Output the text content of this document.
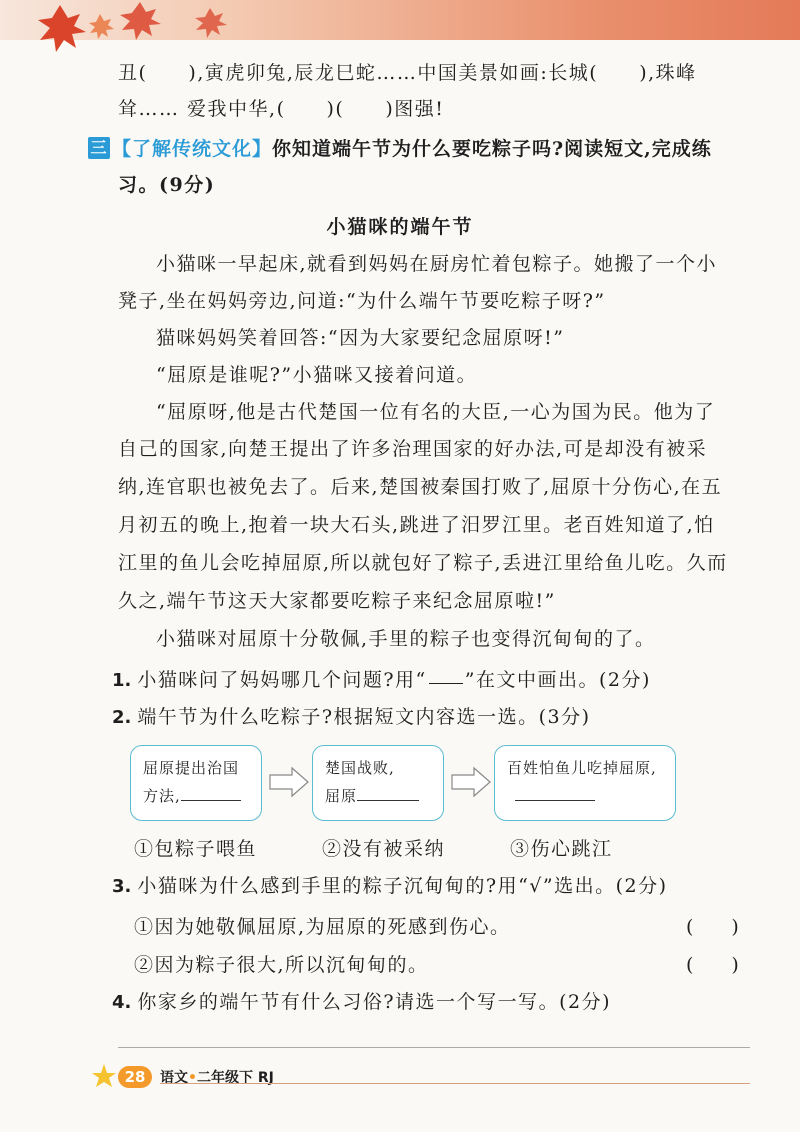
丑(　　),寅虎卯兔,辰龙巳蛇……中国美景如画:长城(　　),珠峰
耸…… 爱我中华,(　　)(　　)图强!
三 【了解传统文化】你知道端午节为什么要吃粽子吗?阅读短文,完成练
习。(9分)
小猫咪的端午节
小猫咪一早起床,就看到妈妈在厨房忙着包粽子。她搬了一个小
凳子,坐在妈妈旁边,问道:“为什么端午节要吃粽子呀?”
猫咪妈妈笑着回答:“因为大家要纪念屈原呀!”
“屈原是谁呢?”小猫咪又接着问道。
“屈原呀,他是古代楚国一位有名的大臣,一心为国为民。他为了
自己的国家,向楚王提出了许多治理国家的好办法,可是却没有被采
纳,连官职也被免去了。后来,楚国被秦国打败了,屈原十分伤心,在五
月初五的晚上,抱着一块大石头,跳进了汨罗江里。老百姓知道了,怕
江里的鱼儿会吃掉屈原,所以就包好了粽子,丢进江里给鱼儿吃。久而
久之,端午节这天大家都要吃粽子来纪念屈原啦!”
小猫咪对屈原十分敬佩,手里的粽子也变得沉甸甸的了。
1. 小猫咪问了妈妈哪几个问题?用“ ”在文中画出。(2分)
2. 端午节为什么吃粽子?根据短文内容选一选。(3分)
屈原提出治国
方法,
楚国战败,
屈原
百姓怕鱼儿吃掉屈原,
①包粽子喂鱼	②没有被采纳	③伤心跳江
3. 小猫咪为什么感到手里的粽子沉甸甸的?用“√”选出。(2分)
①因为她敬佩屈原,为屈原的死感到伤心。	(　　)
②因为粽子很大,所以沉甸甸的。	(　　)
4. 你家乡的端午节有什么习俗?请选一个写一写。(2分)
28	语文•二年级下 RJ
